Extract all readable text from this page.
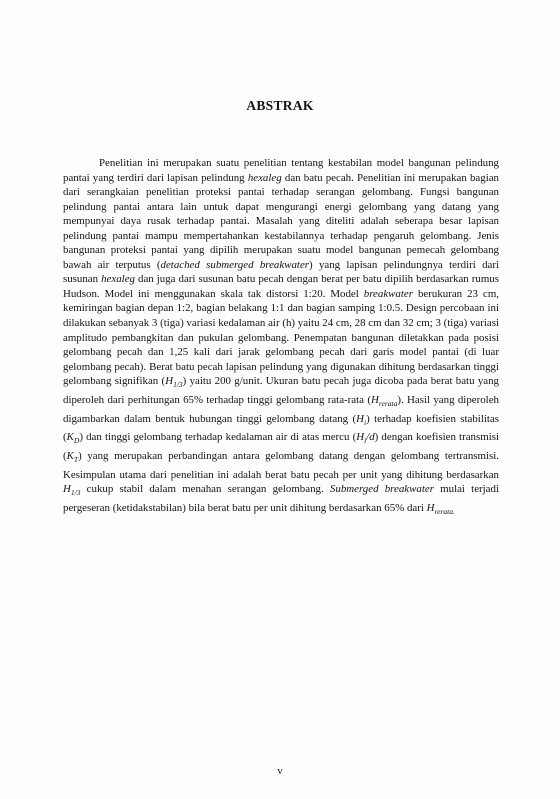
ABSTRAK

Penelitian ini merupakan suatu penelitian tentang kestabilan model bangunan pelindung pantai yang terdiri dari lapisan pelindung hexaleg dan batu pecah. Penelitian ini merupakan bagian dari serangkaian penelitian proteksi pantai terhadap serangan gelombang. Fungsi bangunan pelindung pantai antara lain untuk dapat mengurangi energi gelombang yang datang yang mempunyai daya rusak terhadap pantai. Masalah yang diteliti adalah seberapa besar lapisan pelindung pantai mampu mempertahankan kestabilannya terhadap pengaruh gelombang. Jenis bangunan proteksi pantai yang dipilih merupakan suatu model bangunan pemecah gelombang bawah air terputus (detached submerged breakwater) yang lapisan pelindungnya terdiri dari susunan hexaleg dan juga dari susunan batu pecah dengan berat per batu dipilih berdasarkan rumus Hudson. Model ini menggunakan skala tak distorsi 1:20. Model breakwater berukuran 23 cm, kemiringan bagian depan 1:2, bagian belakang 1:1 dan bagian samping 1:0.5. Design percobaan ini dilakukan sebanyak 3 (tiga) variasi kedalaman air (h) yaitu 24 cm, 28 cm dan 32 cm; 3 (tiga) variasi amplitudo pembangkitan dan pukulan gelombang. Penempatan bangunan diletakkan pada posisi gelombang pecah dan 1,25 kali dari jarak gelombang pecah dari garis model pantai (di luar gelombang pecah). Berat batu pecah lapisan pelindung yang digunakan dihitung berdasarkan tinggi gelombang signifikan $(H_{1/3})$ yaitu 200 g/unit. Ukuran batu pecah juga dicoba pada berat batu yang diperoleh dari perhitungan 65% terhadap tinggi gelombang rata-rata $(H_{rerata})$. Hasil yang diperoleh digambarkan dalam bentuk hubungan tinggi gelombang datang $(H_i)$ terhadap koefisien stabilitas $(K_D)$ dan tinggi gelombang terhadap kedalaman air di atas mercu $(H_i/d)$ dengan koefisien transmisi $(K_T)$ yang merupakan perbandingan antara gelombang datang dengan gelombang tertransmisi. Kesimpulan utama dari penelitian ini adalah berat batu pecah per unit yang dihitung berdasarkan $H_{1/3}$ cukup stabil dalam menahan serangan gelombang. Submerged breakwater mulai terjadi pergeseran (ketidakstabilan) bila berat batu per unit dihitung berdasarkan 65% dari $H_{rerata.}$

v
